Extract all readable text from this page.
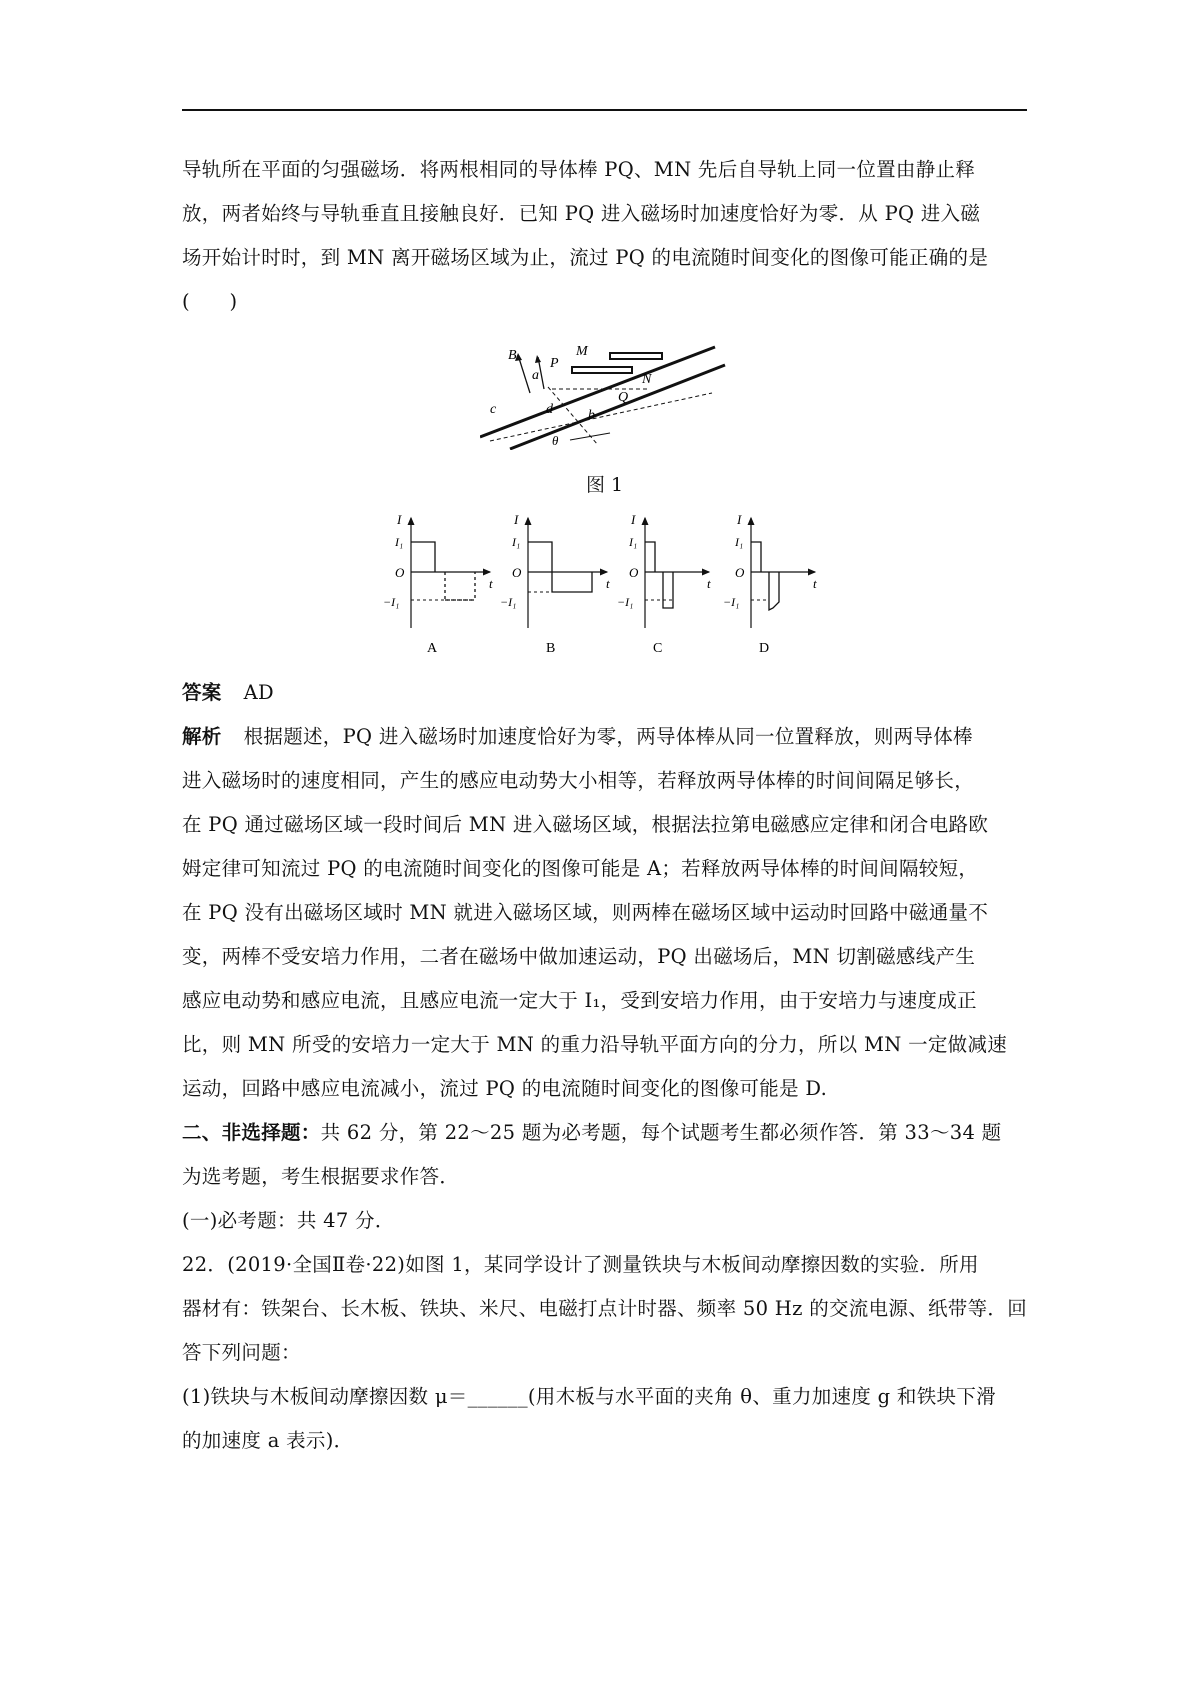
导轨所在平面的匀强磁场．将两根相同的导体棒 PQ、MN 先后自导轨上同一位置由静止释
放，两者始终与导轨垂直且接触良好．已知 PQ 进入磁场时加速度恰好为零．从 PQ 进入磁
场开始计时时，到 MN 离开磁场区域为止，流过 PQ 的电流随时间变化的图像可能正确的是
(　　)
B
a
P
M
N
Q
c	d	b
θ
图 1
I
I₁
O
−I₁
t
A
I
I₁
O
−I₁
t
B
I
I₁
O
−I₁
t
C
I
I₁
O
−I₁
t
D
答案 AD
解析 根据题述，PQ 进入磁场时加速度恰好为零，两导体棒从同一位置释放，则两导体棒
进入磁场时的速度相同，产生的感应电动势大小相等，若释放两导体棒的时间间隔足够长，
在 PQ 通过磁场区域一段时间后 MN 进入磁场区域，根据法拉第电磁感应定律和闭合电路欧
姆定律可知流过 PQ 的电流随时间变化的图像可能是 A；若释放两导体棒的时间间隔较短，
在 PQ 没有出磁场区域时 MN 就进入磁场区域，则两棒在磁场区域中运动时回路中磁通量不
变，两棒不受安培力作用，二者在磁场中做加速运动，PQ 出磁场后，MN 切割磁感线产生
感应电动势和感应电流，且感应电流一定大于 I₁，受到安培力作用，由于安培力与速度成正
比，则 MN 所受的安培力一定大于 MN 的重力沿导轨平面方向的分力，所以 MN 一定做减速
运动，回路中感应电流减小，流过 PQ 的电流随时间变化的图像可能是 D.
二、非选择题：共 62 分，第 22～25 题为必考题，每个试题考生都必须作答．第 33～34 题
为选考题，考生根据要求作答．
(一)必考题：共 47 分．
22．(2019·全国Ⅱ卷·22)如图 1，某同学设计了测量铁块与木板间动摩擦因数的实验．所用
器材有：铁架台、长木板、铁块、米尺、电磁打点计时器、频率 50 Hz 的交流电源、纸带等．回
答下列问题：
(1)铁块与木板间动摩擦因数 μ＝______(用木板与水平面的夹角 θ、重力加速度 g 和铁块下滑
的加速度 a 表示)．
